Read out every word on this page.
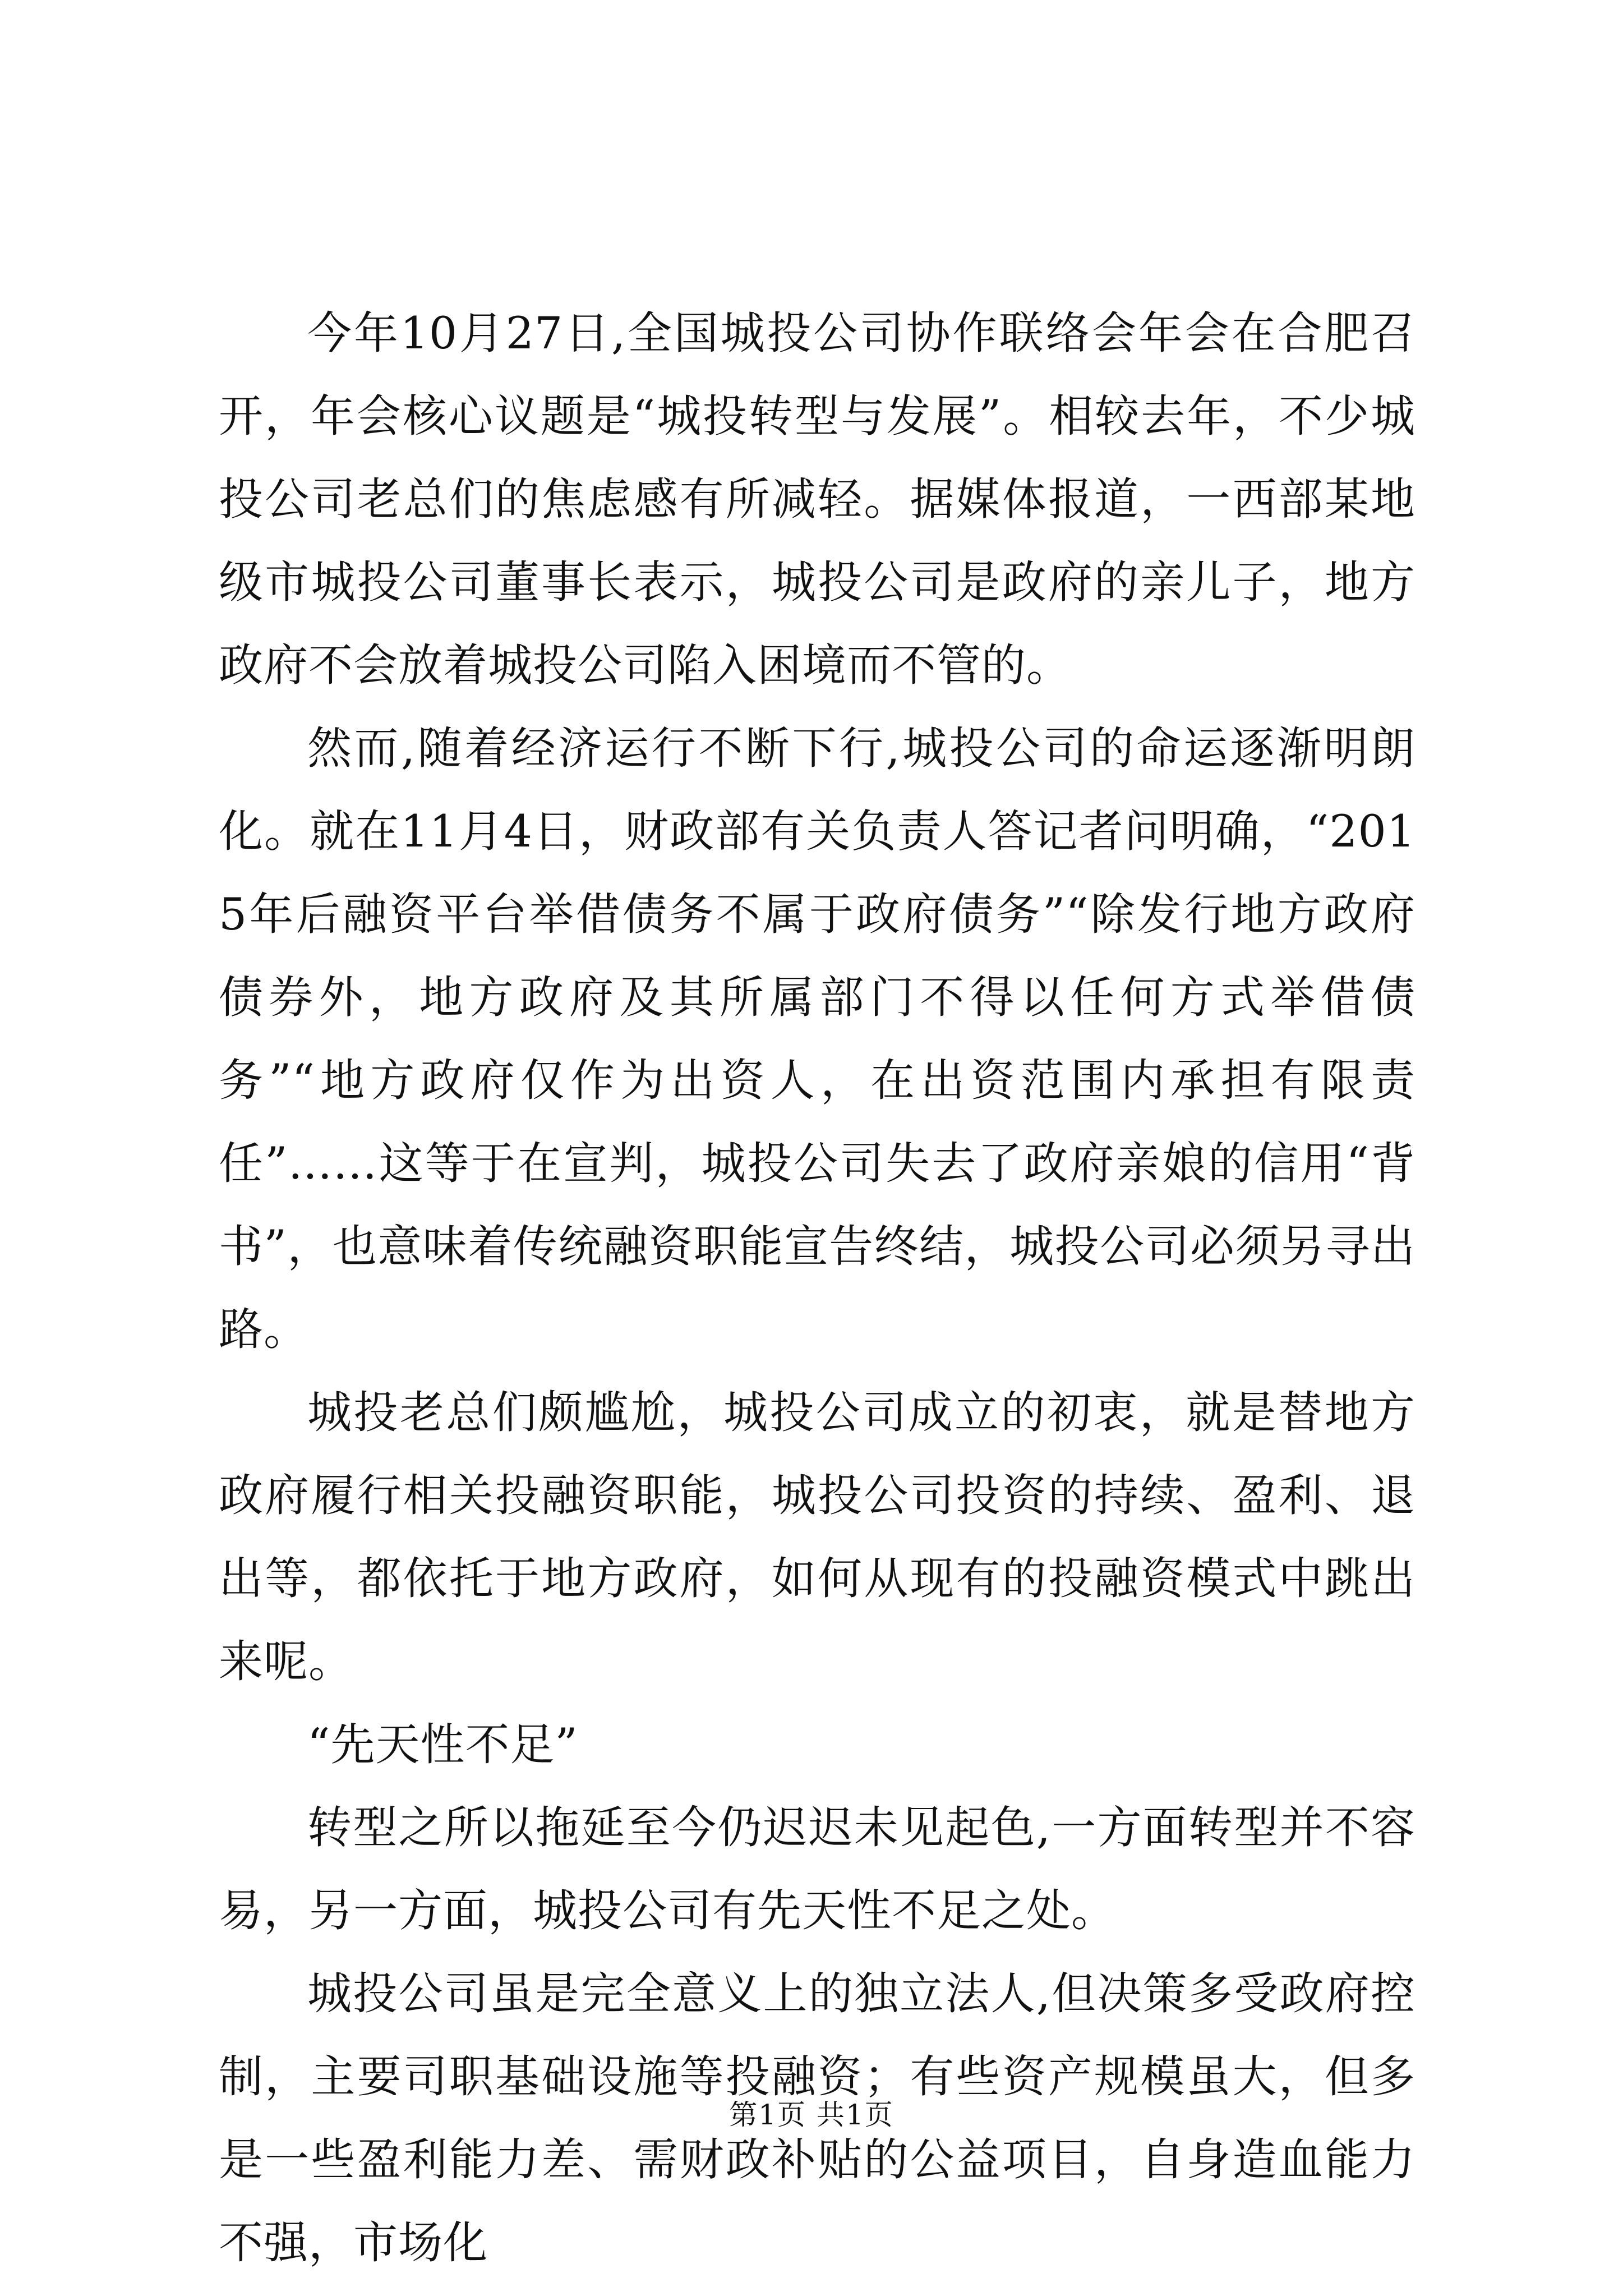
今年10月27日,全国城投公司协作联络会年会在合肥召开，年会核心议题是“城投转型与发展”。相较去年，不少城投公司老总们的焦虑感有所减轻。据媒体报道，一西部某地级市城投公司董事长表示，城投公司是政府的亲儿子，地方政府不会放着城投公司陷入困境而不管的。

然而,随着经济运行不断下行,城投公司的命运逐渐明朗化。就在11月4日，财政部有关负责人答记者问明确，“2015年后融资平台举借债务不属于政府债务”“除发行地方政府债券外，地方政府及其所属部门不得以任何方式举借债务”“地方政府仅作为出资人，在出资范围内承担有限责任”……这等于在宣判，城投公司失去了政府亲娘的信用“背书”，也意味着传统融资职能宣告终结，城投公司必须另寻出路。

城投老总们颇尴尬，城投公司成立的初衷，就是替地方政府履行相关投融资职能，城投公司投资的持续、盈利、退出等，都依托于地方政府，如何从现有的投融资模式中跳出来呢。

“先天性不足”

转型之所以拖延至今仍迟迟未见起色,一方面转型并不容易，另一方面，城投公司有先天性不足之处。

城投公司虽是完全意义上的独立法人,但决策多受政府控制，主要司职基础设施等投融资；有些资产规模虽大，但多是一些盈利能力差、需财政补贴的公益项目，自身造血能力不强，市场化

第1页 共1页
